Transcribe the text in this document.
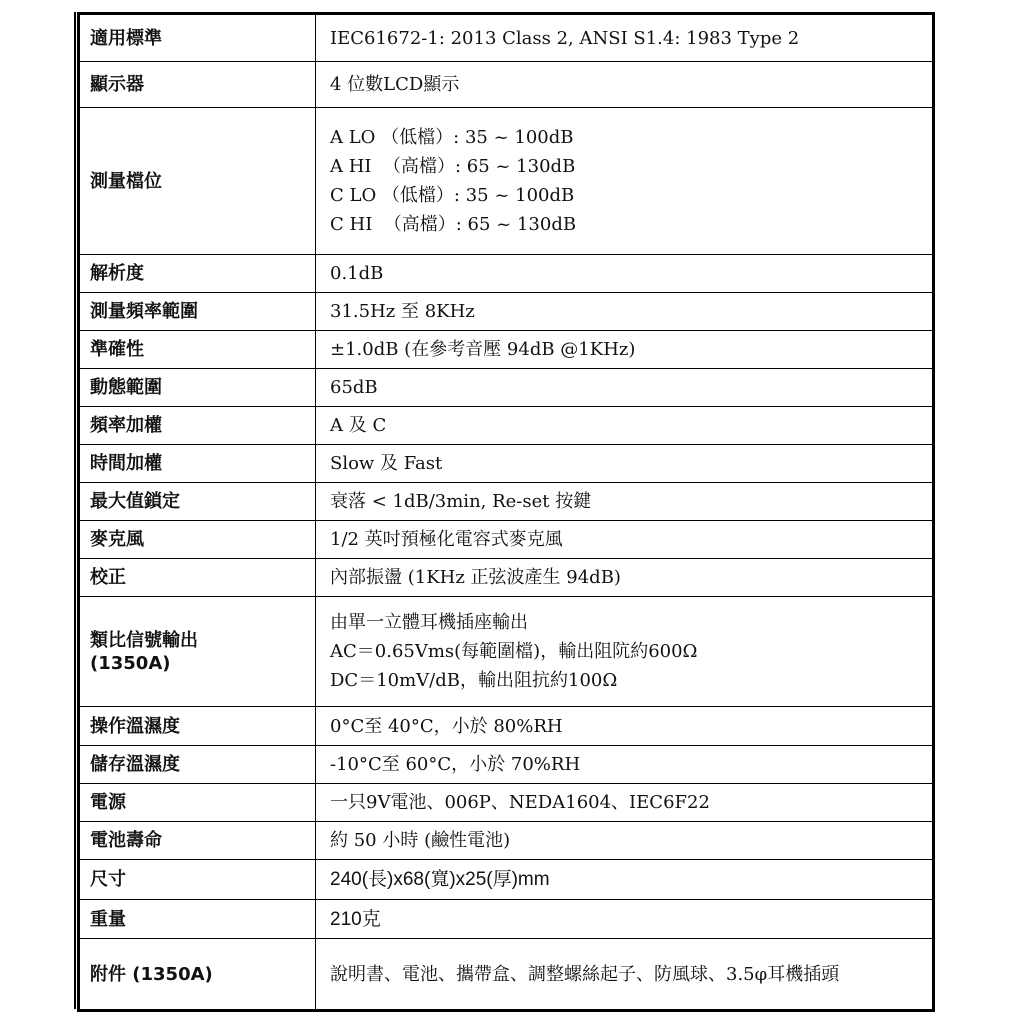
適用標準	IEC61672-1: 2013 Class 2, ANSI S1.4: 1983 Type 2

顯示器	4 位數LCD顯示

測量檔位	A LO （低檔）: 35 ~ 100dB
A HI  （高檔）: 65 ~ 130dB
C LO （低檔）: 35 ~ 100dB
C HI  （高檔）: 65 ~ 130dB

解析度	0.1dB

測量頻率範圍	31.5Hz 至 8KHz

準確性	±1.0dB (在參考音壓 94dB @1KHz)

動態範圍	65dB

頻率加權	A 及 C

時間加權	Slow 及 Fast

最大值鎖定	衰落 < 1dB/3min, Re-set 按鍵

麥克風	1/2 英吋預極化電容式麥克風

校正	內部振盪 (1KHz 正弦波產生 94dB)

類比信號輸出
(1350A)	由單一立體耳機插座輸出
AC＝0.65Vms(每範圍檔)，輸出阻阬約600Ω
DC＝10mV/dB，輸出阻抗約100Ω

操作溫濕度	0°C至 40°C，小於 80%RH

儲存溫濕度	-10°C至 60°C，小於 70%RH

電源	一只9V電池、006P、NEDA1604、IEC6F22

電池壽命	約 50 小時 (鹼性電池)

尺寸	240(長)x68(寬)x25(厚)mm

重量	210克

附件 (1350A)	說明書、電池、攜帶盒、調整螺絲起子、防風球、3.5φ耳機插頭
